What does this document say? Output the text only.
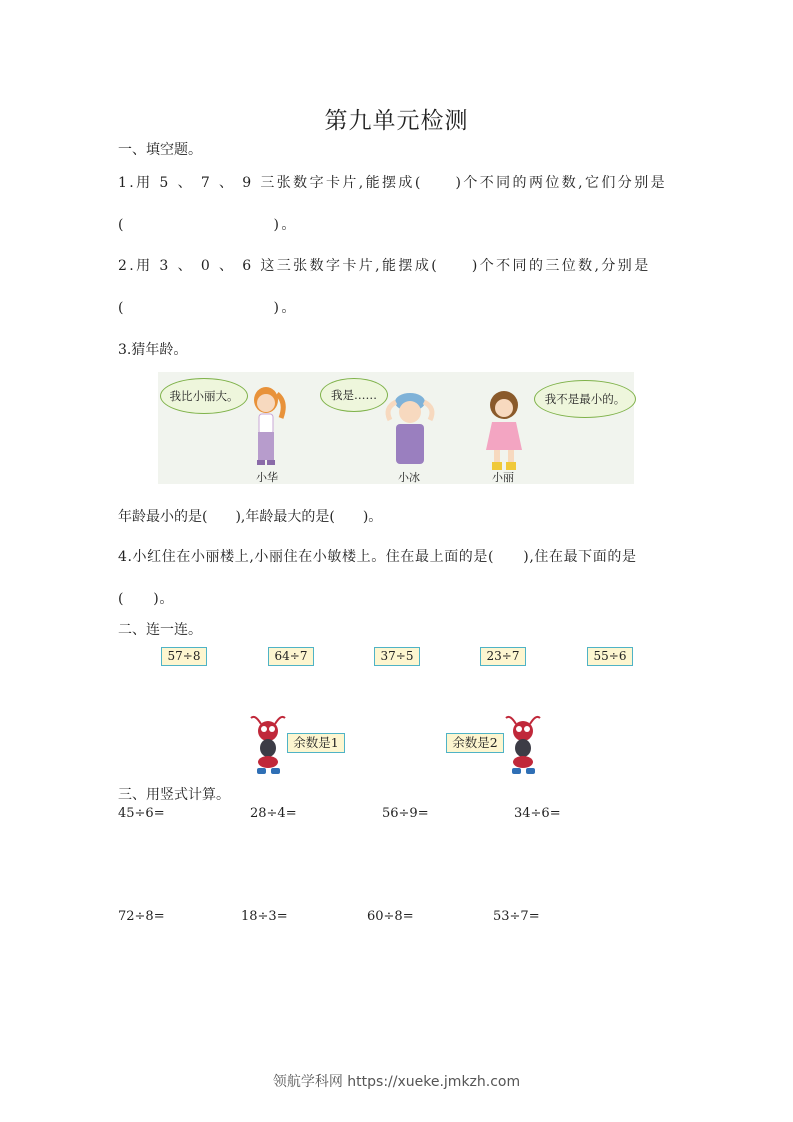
第九单元检测
一、填空题。
1.用 5 、 7 、 9 三张数字卡片,能摆成(　　)个不同的两位数,它们分别是
(　　　　　　　　　)。
2.用 3 、 0 、 6 这三张数字卡片,能摆成(　　)个不同的三位数,分别是
(　　　　　　　　　)。
3.猜年龄。
我比小丽大。
小华
我是……
小冰	小丽
我不是最小的。
年龄最小的是(　　),年龄最大的是(　　)。
4.小红住在小丽楼上,小丽住在小敏楼上。住在最上面的是(　　),住在最下面的是
(　　)。
二、连一连。
57÷8	64÷7	37÷5	23÷7	55÷6
余数是1	余数是2
三、用竖式计算。
45÷6=	28÷4=	56÷9=	34÷6=
72÷8=	18÷3=	60÷8=	53÷7=
领航学科网 https://xueke.jmkzh.com
